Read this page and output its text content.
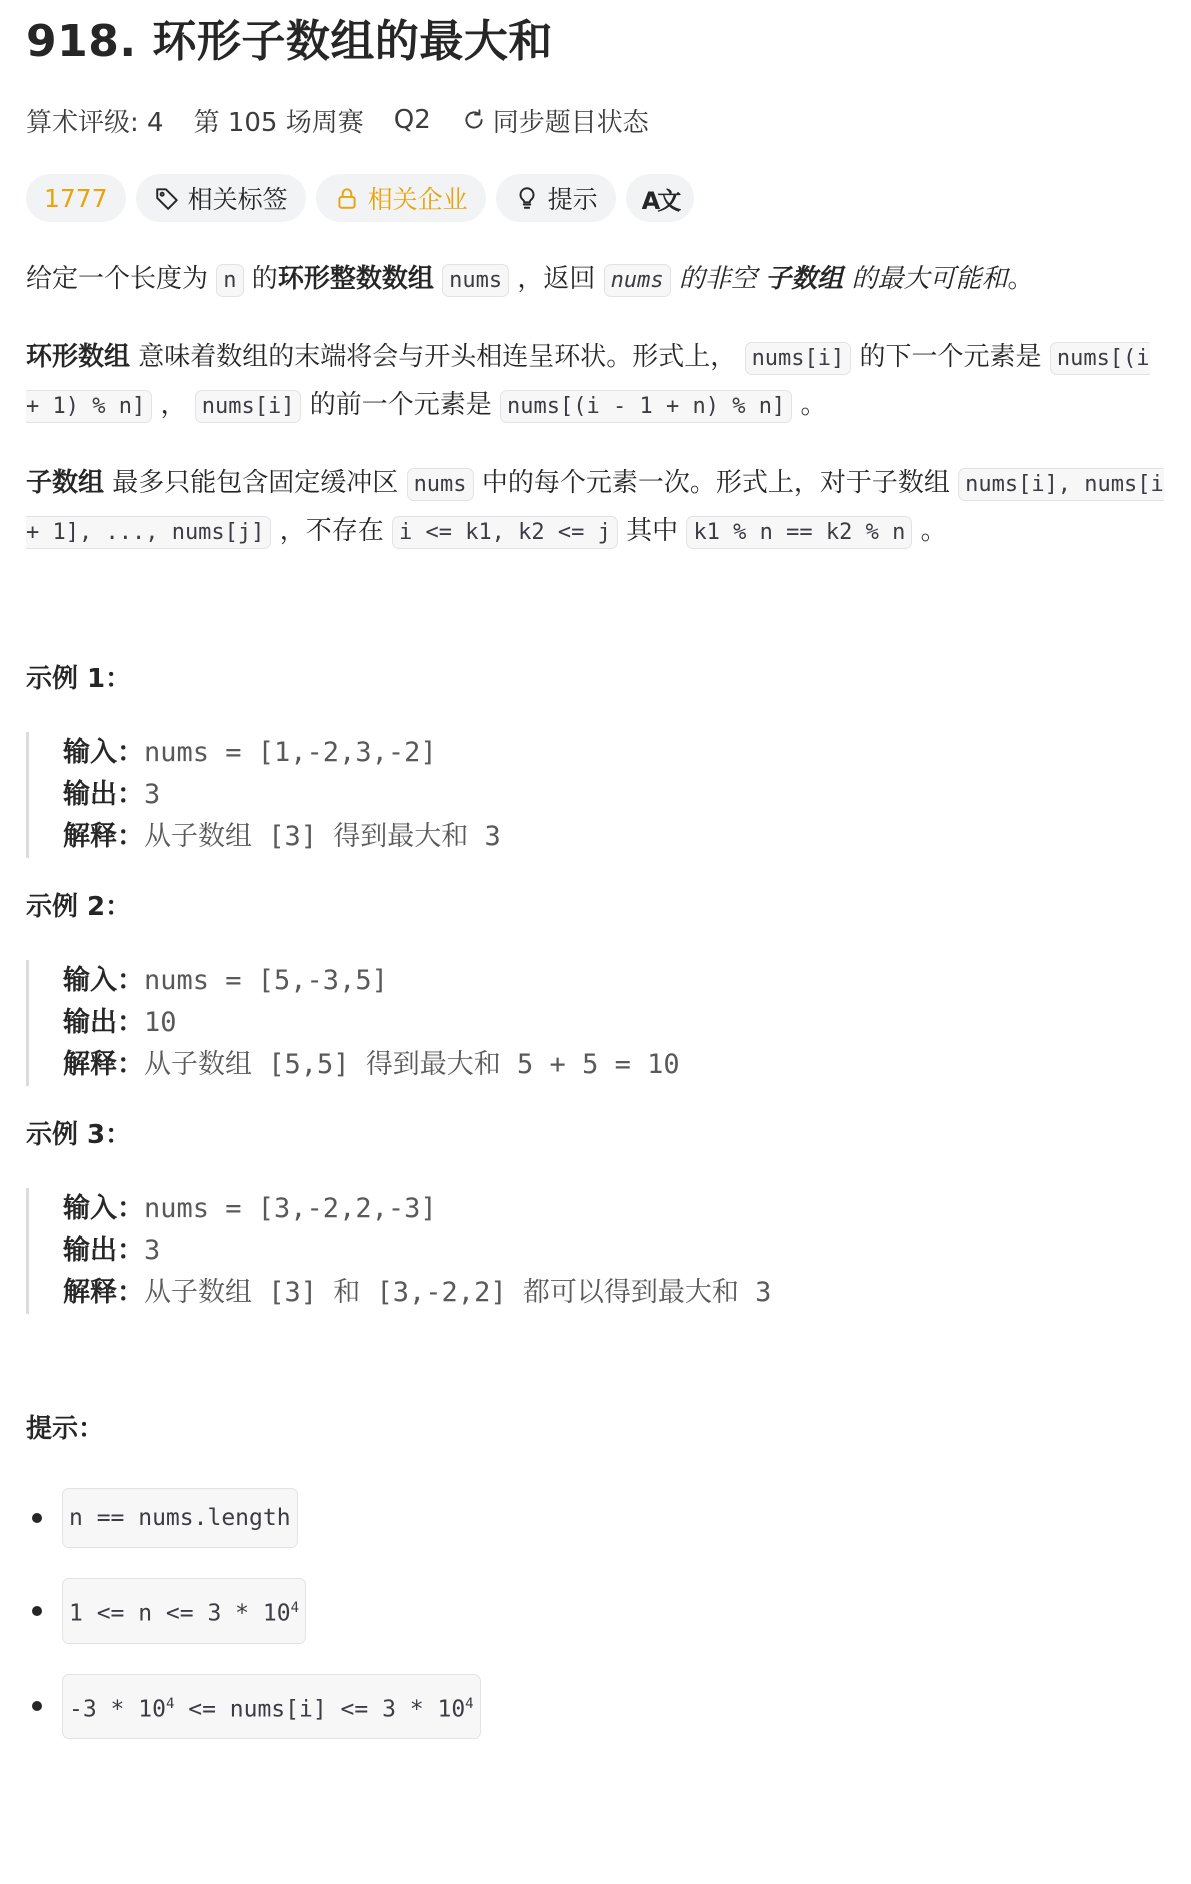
918. 环形子数组的最大和
算术评级: 4 第 105 场周赛 Q2 同步题目状态
1777	相关标签	相关企业	提示 A文

给定一个长度为 n 的环形整数数组 nums ，返回 nums 的非空 子数组 的最大可能和。

环形数组 意味着数组的末端将会与开头相连呈环状。形式上， nums[i] 的下一个元素是 nums[(i + 1) % n] ， nums[i] 的前一个元素是 nums[(i - 1 + n) % n] 。

子数组 最多只能包含固定缓冲区 nums 中的每个元素一次。形式上，对于子数组 nums[i], nums[i + 1], ..., nums[j] ，不存在 i <= k1, k2 <= j 其中 k1 % n == k2 % n 。

示例 1：

输入：nums = [1,-2,3,-2]
输出：3
解释：从子数组 [3] 得到最大和 3

示例 2：

输入：nums = [5,-3,5]
输出：10
解释：从子数组 [5,5] 得到最大和 5 + 5 = 10

示例 3：

输入：nums = [3,-2,2,-3]
输出：3
解释：从子数组 [3] 和 [3,-2,2] 都可以得到最大和 3
提示：
n == nums.length
$1 <= n <= 3 * 10^4$
$-3 * 10^4$ <= nums[i] <= $3 * 10^4$
